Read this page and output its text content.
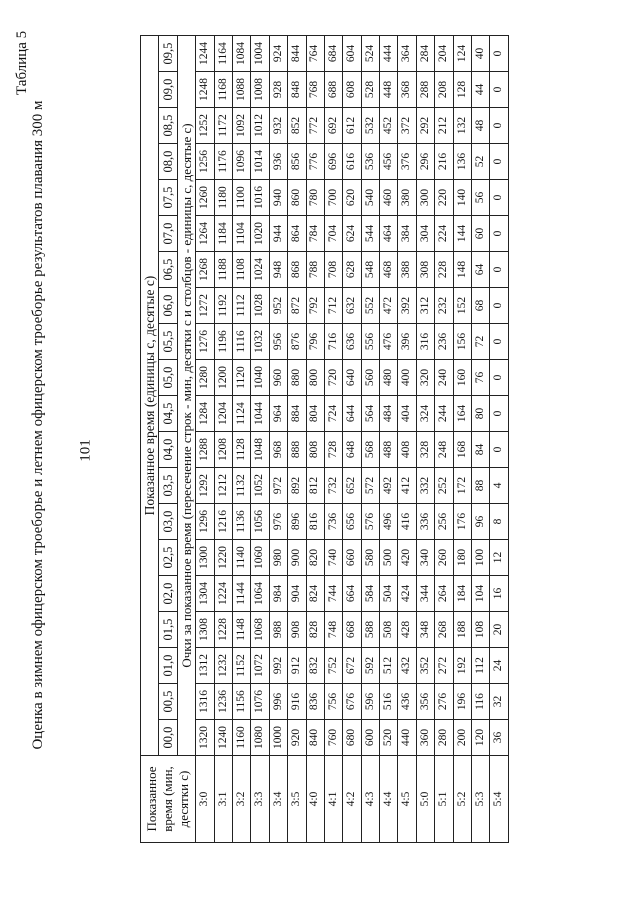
101
Таблица 5
Оценка в зимнем офицерском троеборье и летнем офицерском троеборье результатов плавания 300 м
Показанное время (мин, десятки с)	Показанное время (единицы с, десятые с)																			
	00,0	00,5	01,0	01,5	02,0	02,5	03,0	03,5	04,0	04,5	05,0	05,5	06,0	06,5	07,0	07,5	08,0	08,5	09,0	09,5
	Очки за показанное время (пересечение строк - мин, десятки с и столбцов - единицы с, десятые с)																			
3:0	1320	1316	1312	1308	1304	1300	1296	1292	1288	1284	1280	1276	1272	1268	1264	1260	1256	1252	1248	1244
3:1	1240	1236	1232	1228	1224	1220	1216	1212	1208	1204	1200	1196	1192	1188	1184	1180	1176	1172	1168	1164
3:2	1160	1156	1152	1148	1144	1140	1136	1132	1128	1124	1120	1116	1112	1108	1104	1100	1096	1092	1088	1084
3:3	1080	1076	1072	1068	1064	1060	1056	1052	1048	1044	1040	1032	1028	1024	1020	1016	1014	1012	1008	1004
3:4	1000	996	992	988	984	980	976	972	968	964	960	956	952	948	944	940	936	932	928	924
3:5	920	916	912	908	904	900	896	892	888	884	880	876	872	868	864	860	856	852	848	844
4:0	840	836	832	828	824	820	816	812	808	804	800	796	792	788	784	780	776	772	768	764
4:1	760	756	752	748	744	740	736	732	728	724	720	716	712	708	704	700	696	692	688	684
4:2	680	676	672	668	664	660	656	652	648	644	640	636	632	628	624	620	616	612	608	604
4:3	600	596	592	588	584	580	576	572	568	564	560	556	552	548	544	540	536	532	528	524
4:4	520	516	512	508	504	500	496	492	488	484	480	476	472	468	464	460	456	452	448	444
4:5	440	436	432	428	424	420	416	412	408	404	400	396	392	388	384	380	376	372	368	364
5:0	360	356	352	348	344	340	336	332	328	324	320	316	312	308	304	300	296	292	288	284
5:1	280	276	272	268	264	260	256	252	248	244	240	236	232	228	224	220	216	212	208	204
5:2	200	196	192	188	184	180	176	172	168	164	160	156	152	148	144	140	136	132	128	124
5:3	120	116	112	108	104	100	96	88	84	80	76	72	68	64	60	56	52	48	44	40
5:4	36	32	24	20	16	12	8	4	0	0	0	0	0	0	0	0	0	0	0	0
